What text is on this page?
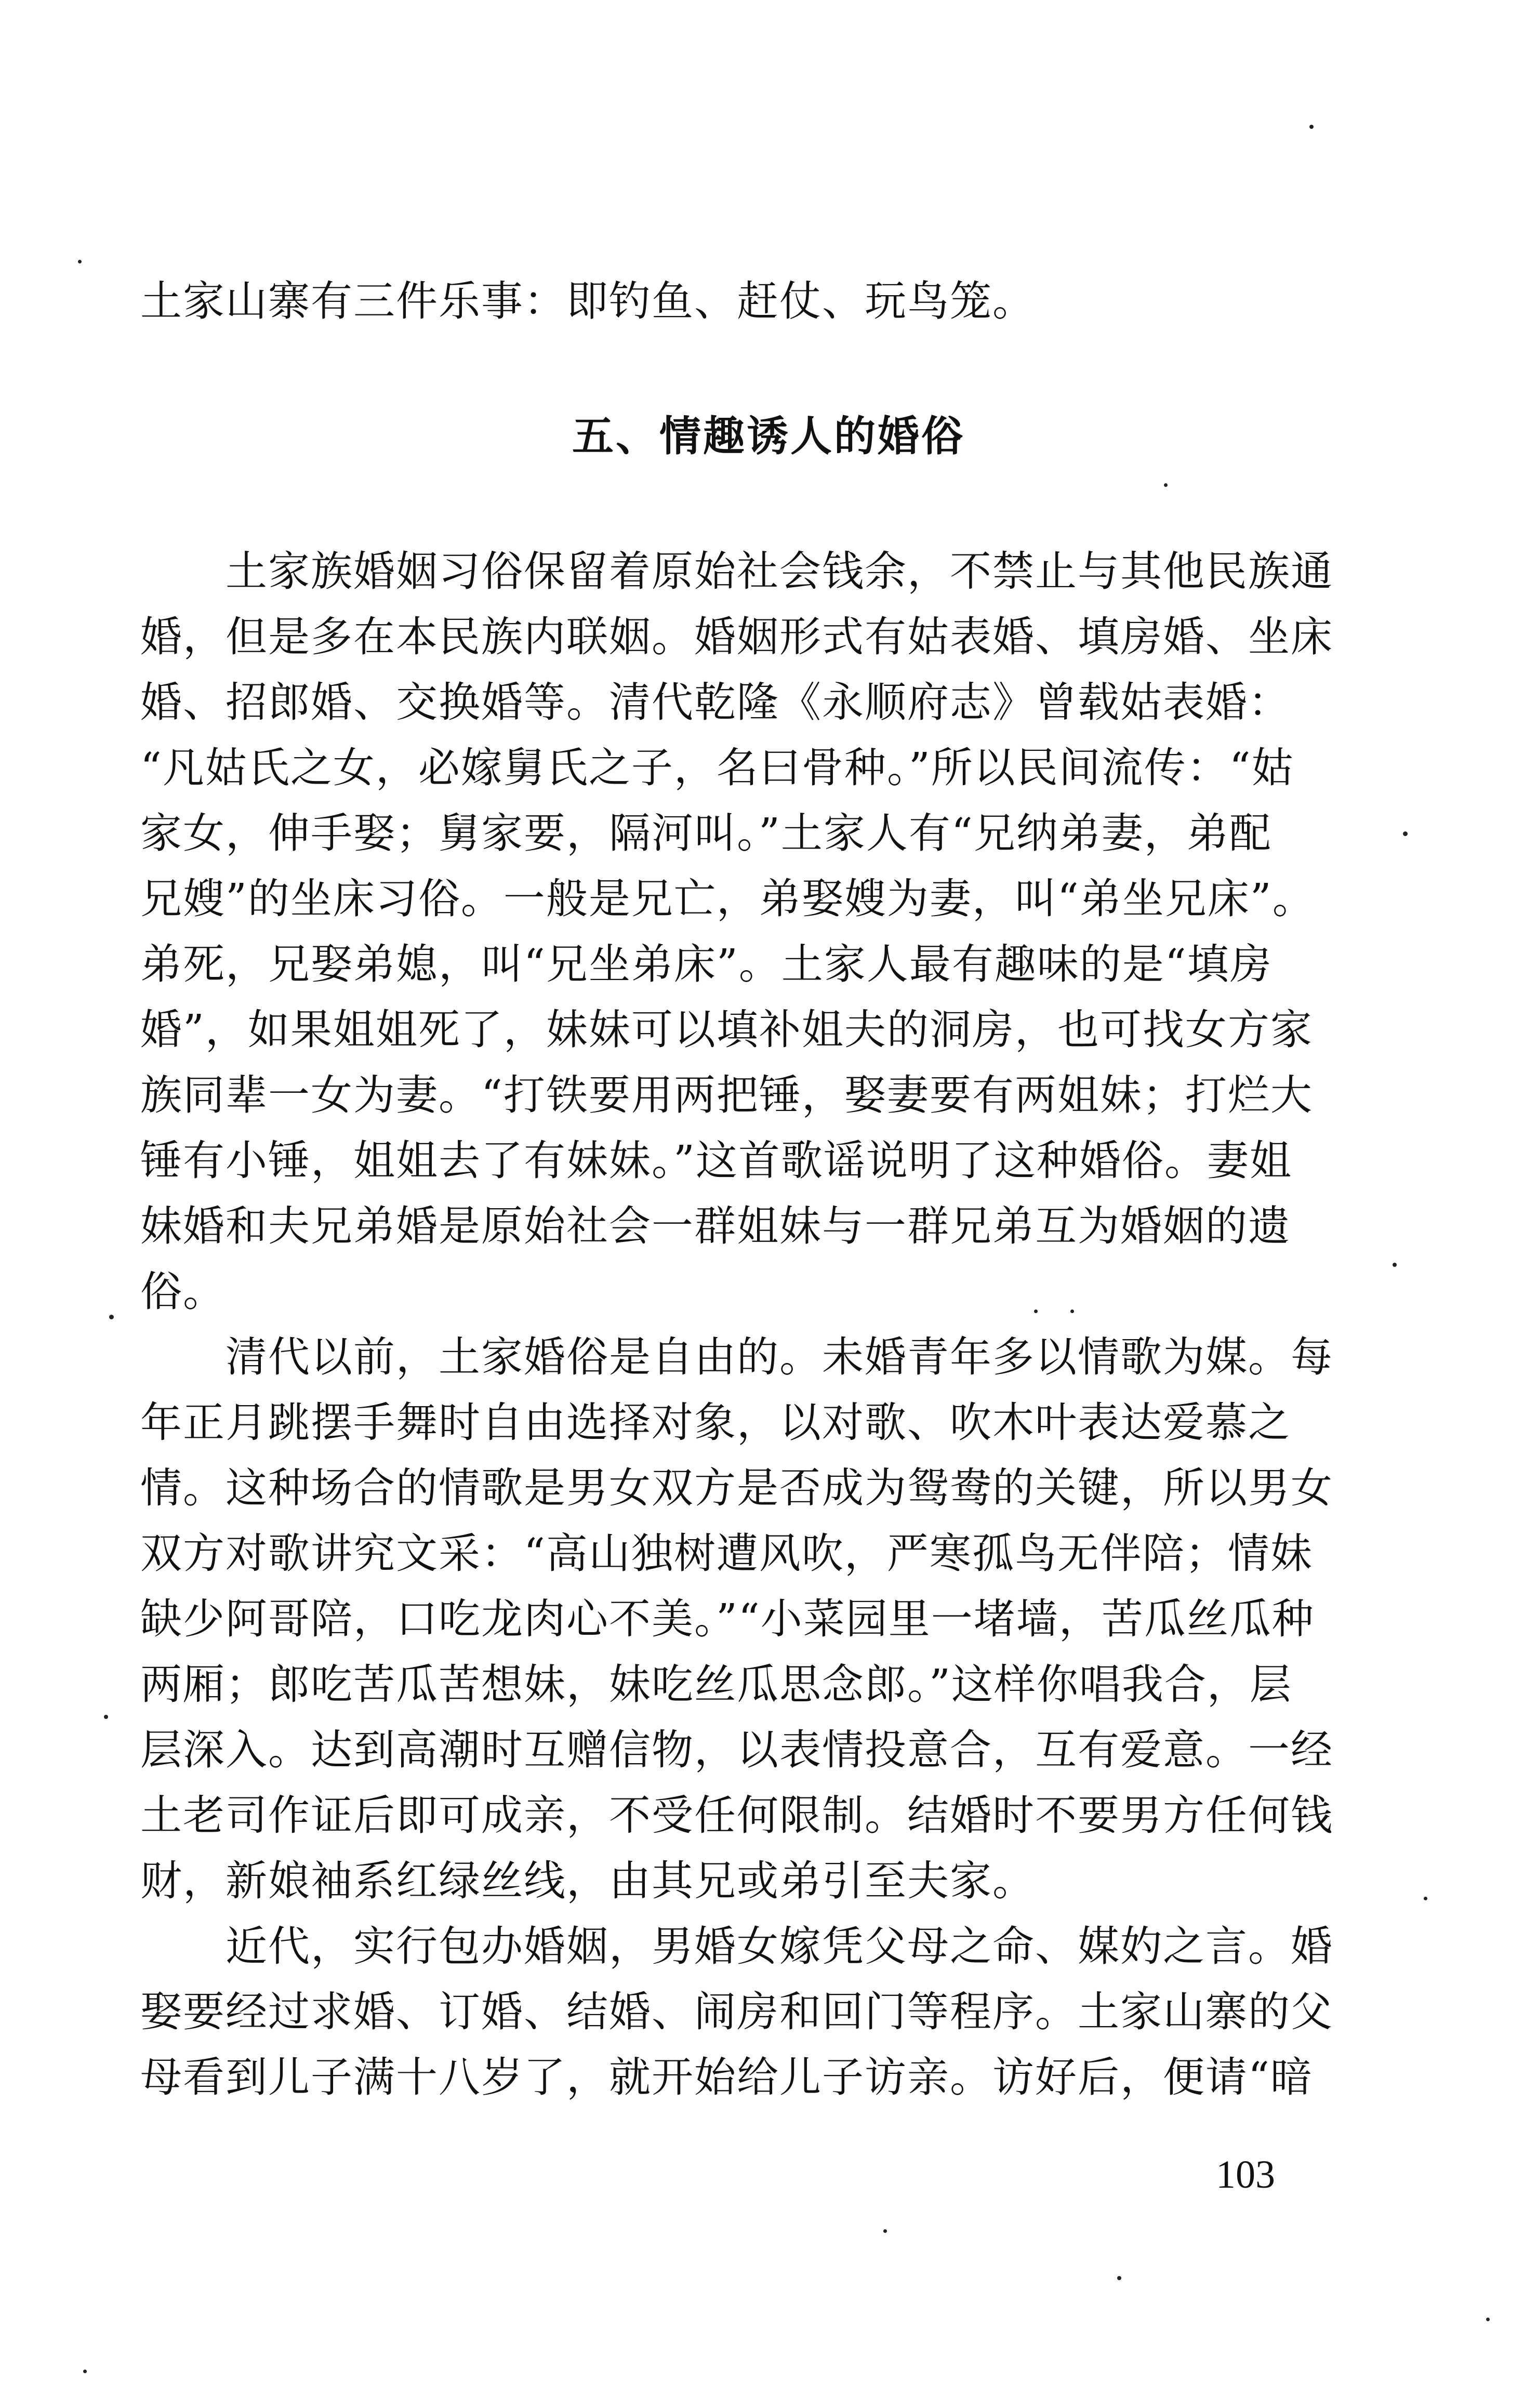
土家山寨有三件乐事：即钓鱼、赶仗、玩鸟笼。
五、情趣诱人的婚俗
　　土家族婚姻习俗保留着原始社会钱余，不禁止与其他民族通
婚，但是多在本民族内联姻。婚姻形式有姑表婚、填房婚、坐床
婚、招郎婚、交换婚等。清代乾隆《永顺府志》曾载姑表婚：
“凡姑氏之女，必嫁舅氏之子，名曰骨种。”所以民间流传：“姑
家女，伸手娶；舅家要，隔河叫。”土家人有“兄纳弟妻，弟配
兄嫂”的坐床习俗。一般是兄亡，弟娶嫂为妻，叫“弟坐兄床”。
弟死，兄娶弟媳，叫“兄坐弟床”。土家人最有趣味的是“填房
婚”，如果姐姐死了，妹妹可以填补姐夫的洞房，也可找女方家
族同辈一女为妻。“打铁要用两把锤，娶妻要有两姐妹；打烂大
锤有小锤，姐姐去了有妹妹。”这首歌谣说明了这种婚俗。妻姐
妹婚和夫兄弟婚是原始社会一群姐妹与一群兄弟互为婚姻的遗
俗。
　　清代以前，土家婚俗是自由的。未婚青年多以情歌为媒。每
年正月跳摆手舞时自由选择对象，以对歌、吹木叶表达爱慕之
情。这种场合的情歌是男女双方是否成为鸳鸯的关键，所以男女
双方对歌讲究文采：“高山独树遭风吹，严寒孤鸟无伴陪；情妹
缺少阿哥陪，口吃龙肉心不美。”“小菜园里一堵墙，苦瓜丝瓜种
两厢；郎吃苦瓜苦想妹，妹吃丝瓜思念郎。”这样你唱我合，层
层深入。达到高潮时互赠信物，以表情投意合，互有爱意。一经
土老司作证后即可成亲，不受任何限制。结婚时不要男方任何钱
财，新娘袖系红绿丝线，由其兄或弟引至夫家。
　　近代，实行包办婚姻，男婚女嫁凭父母之命、媒妁之言。婚
娶要经过求婚、订婚、结婚、闹房和回门等程序。土家山寨的父
母看到儿子满十八岁了，就开始给儿子访亲。访好后，便请“暗
103
